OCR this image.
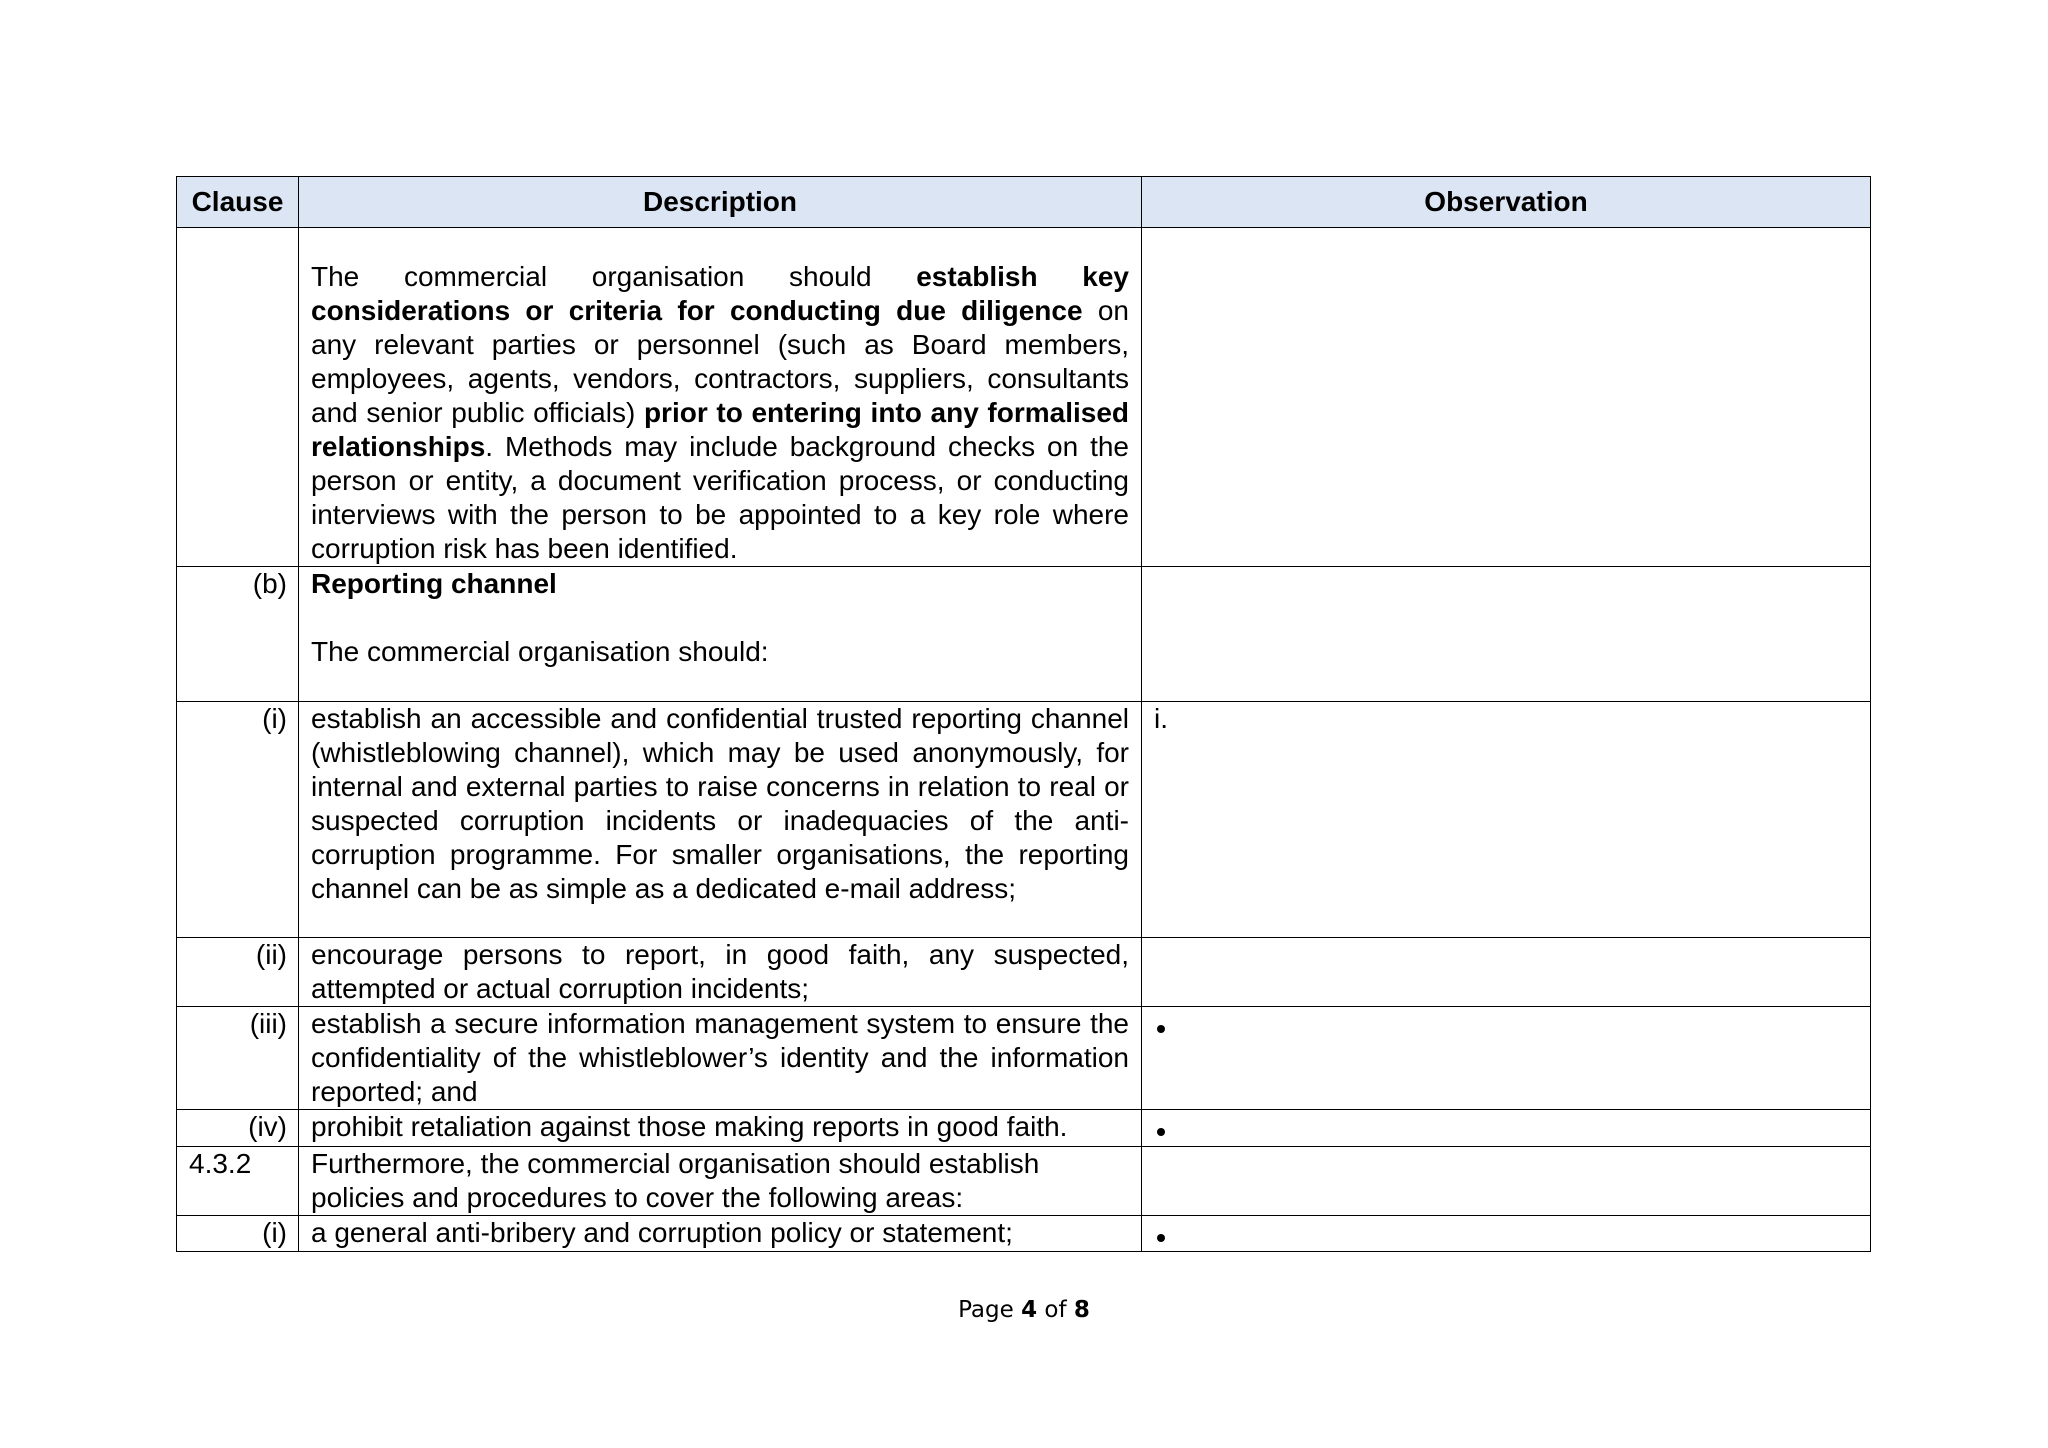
Clause	Description	Observation

	The commercial organisation should establish key considerations or criteria for conducting due diligence on any relevant parties or personnel (such as Board members, employees, agents, vendors, contractors, suppliers, consultants and senior public officials) prior to entering into any formalised relationships. Methods may include background checks on the person or entity, a document verification process, or conducting interviews with the person to be appointed to a key role where corruption risk has been identified.	

(b)	Reporting channel

The commercial organisation should:	

(i)	establish an accessible and confidential trusted reporting channel (whistleblowing channel), which may be used anonymously, for internal and external parties to raise concerns in relation to real or suspected corruption incidents or inadequacies of the anti-corruption programme. For smaller organisations, the reporting channel can be as simple as a dedicated e-mail address;	i.

(ii)	encourage persons to report, in good faith, any suspected, attempted or actual corruption incidents;	
(iii)	establish a secure information management system to ensure the confidentiality of the whistleblower’s identity and the information reported; and	
(iv)	prohibit retaliation against those making reports in good faith.	
4.3.2	Furthermore, the commercial organisation should establish policies and procedures to cover the following areas:	
(i)	a general anti-bribery and corruption policy or statement;	
Page 4 of 8
